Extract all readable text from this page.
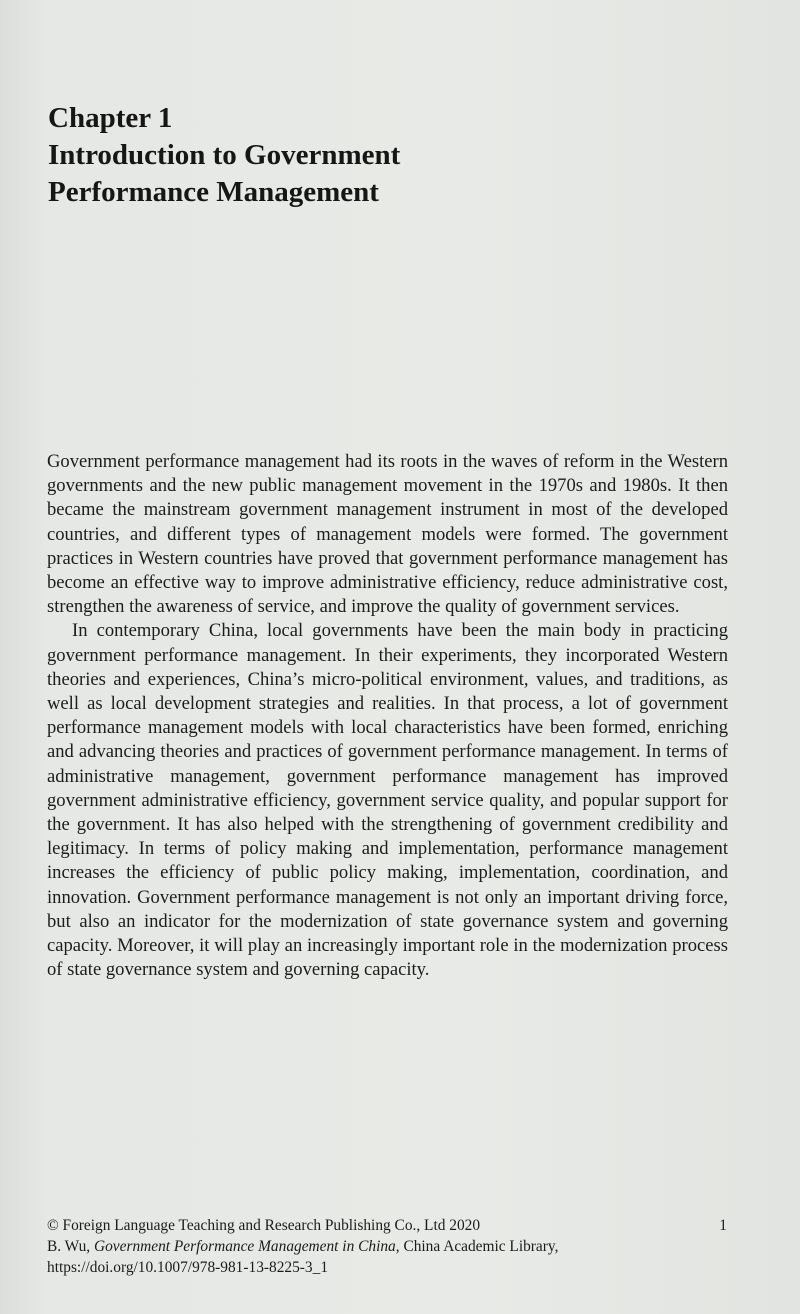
Chapter 1
Introduction to Government
Performance Management

Government performance management had its roots in the waves of reform in the Western governments and the new public management movement in the 1970s and 1980s. It then became the mainstream government management instrument in most of the developed countries, and different types of management models were formed. The government practices in Western countries have proved that government performance management has become an effective way to improve administrative efficiency, reduce administrative cost, strengthen the awareness of service, and improve the quality of government services.

In contemporary China, local governments have been the main body in practicing government performance management. In their experiments, they incorporated Western theories and experiences, China’s micro-political environment, values, and traditions, as well as local development strategies and realities. In that process, a lot of government performance management models with local characteristics have been formed, enriching and advancing theories and practices of government performance management. In terms of administrative management, government performance management has improved government administrative efficiency, government service quality, and popular support for the government. It has also helped with the strengthening of government credibility and legitimacy. In terms of policy making and implementation, performance management increases the efficiency of public policy making, implementation, coordination, and innovation. Government performance management is not only an important driving force, but also an indicator for the modernization of state governance system and governing capacity. Moreover, it will play an increasingly important role in the modernization process of state governance system and governing capacity.

© Foreign Language Teaching and Research Publishing Co., Ltd 2020	1
B. Wu, Government Performance Management in China, China Academic Library,
https://doi.org/10.1007/978-981-13-8225-3_1
